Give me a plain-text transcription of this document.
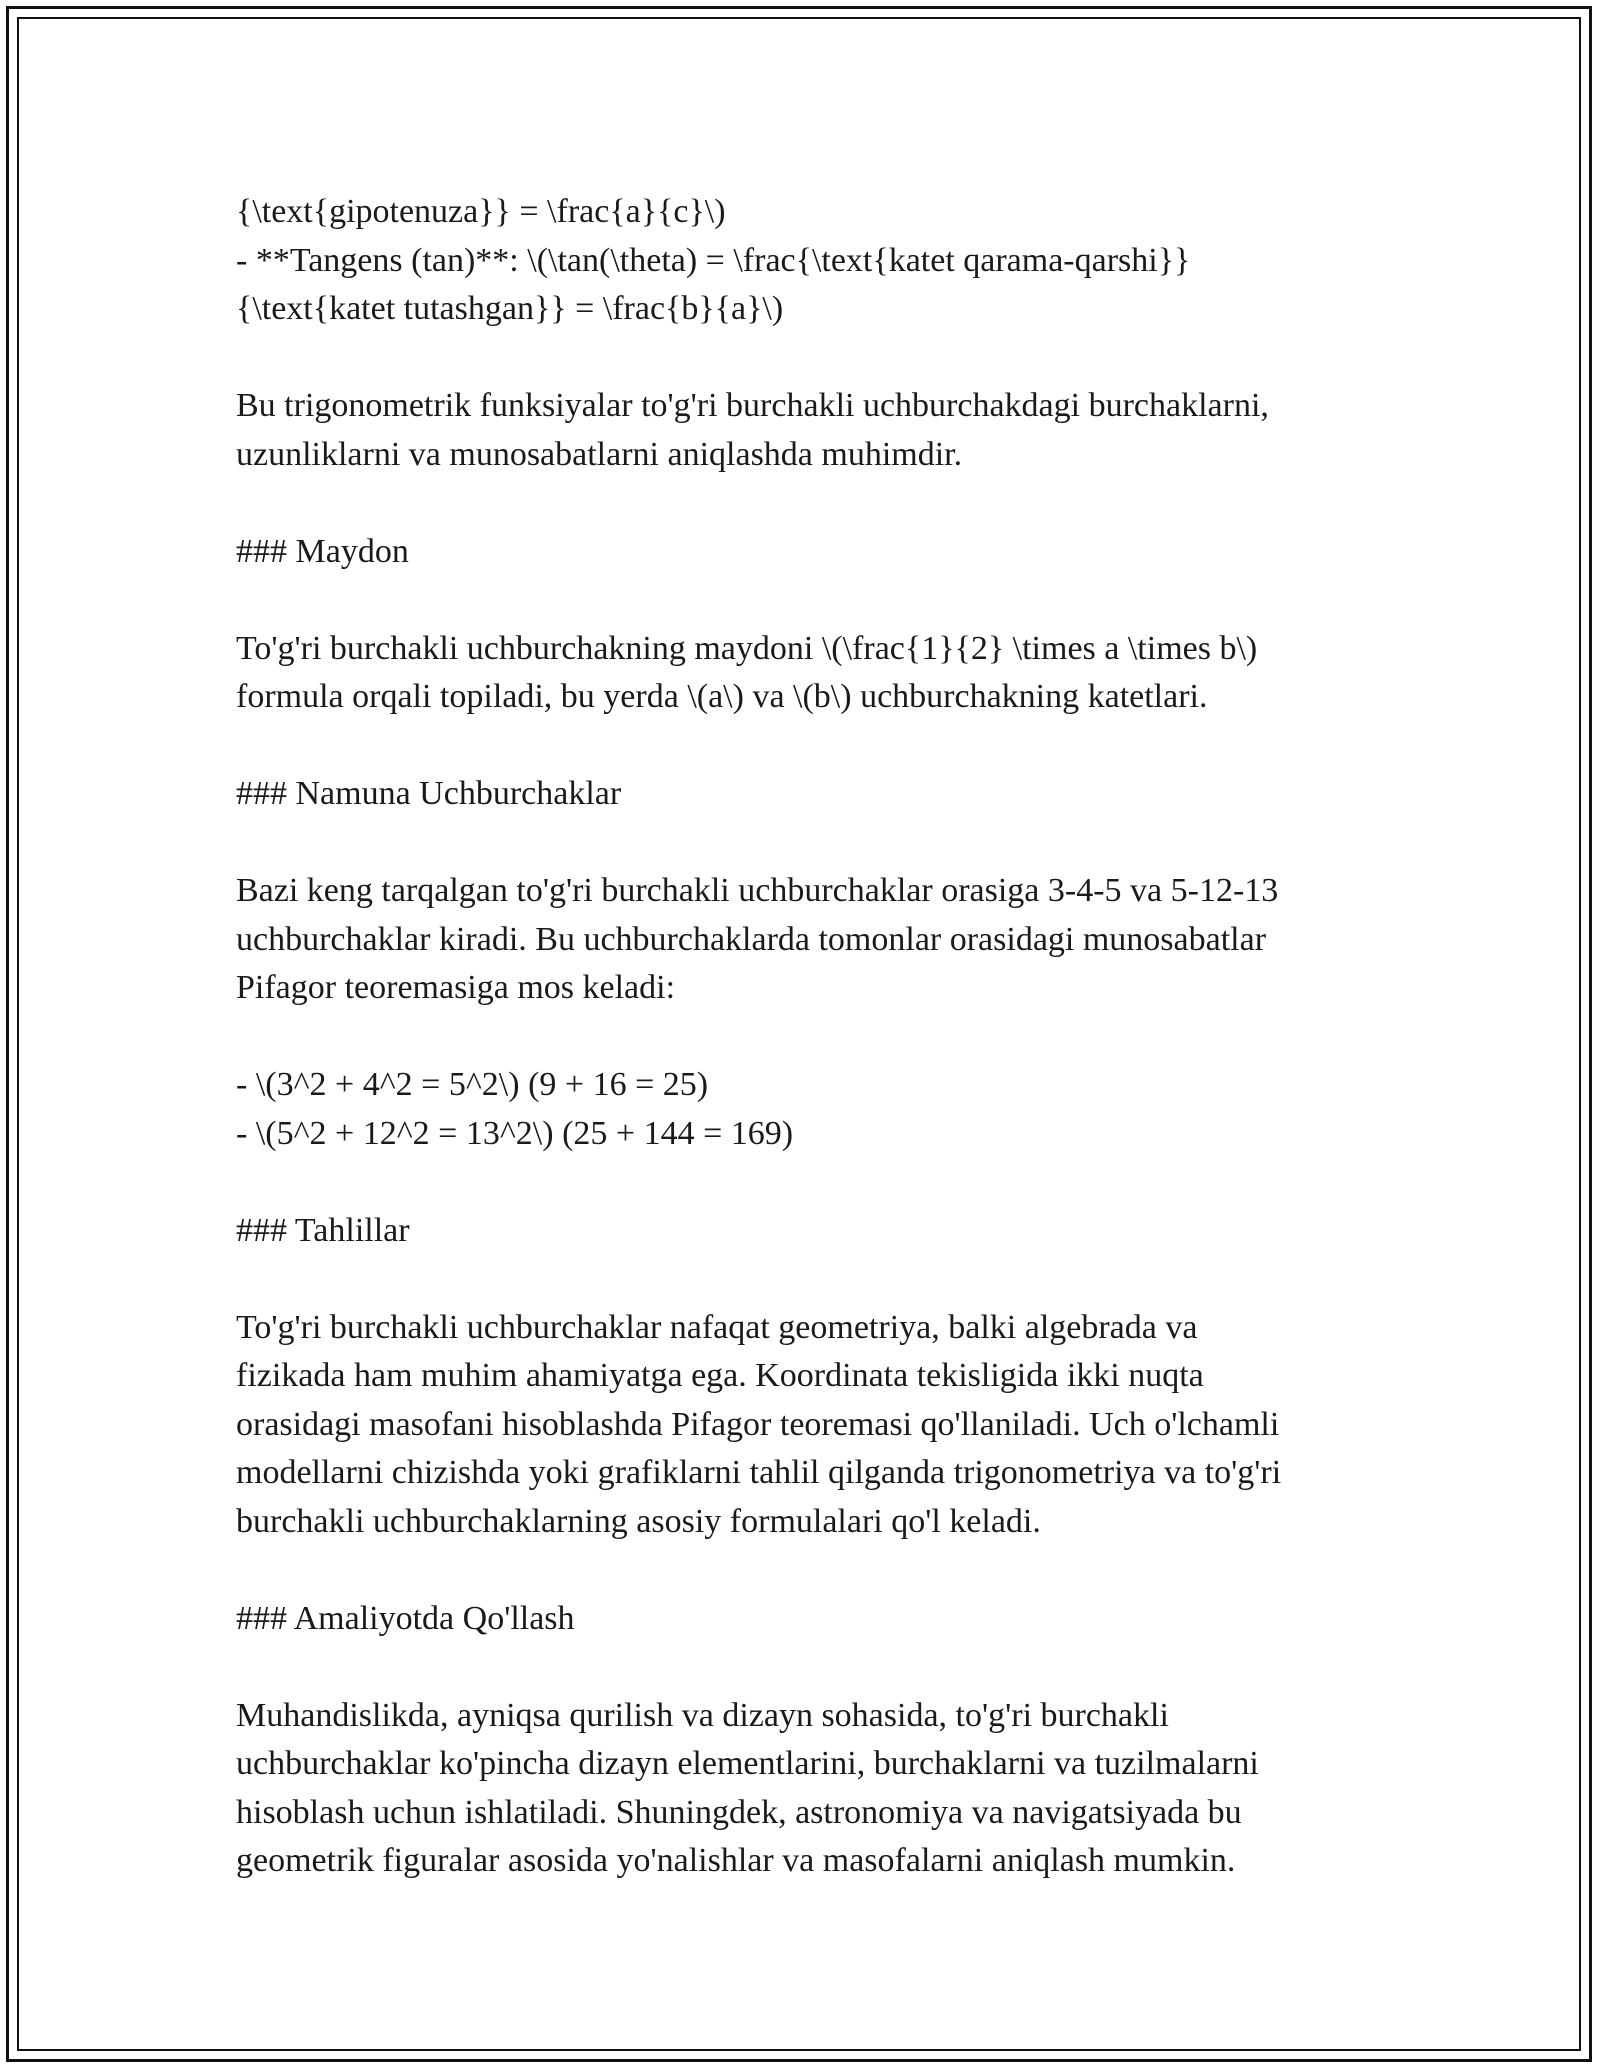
{\text{gipotenuza}} = \frac{a}{c}\)
- **Tangens (tan)**: \(\tan(\theta) = \frac{\text{katet qarama-qarshi}}
{\text{katet tutashgan}} = \frac{b}{a}\)
Bu trigonometrik funksiyalar to'g'ri burchakli uchburchakdagi burchaklarni,
uzunliklarni va munosabatlarni aniqlashda muhimdir.
### Maydon
To'g'ri burchakli uchburchakning maydoni \(\frac{1}{2} \times a \times b\)
formula orqali topiladi, bu yerda \(a\) va \(b\) uchburchakning katetlari.
### Namuna Uchburchaklar
Bazi keng tarqalgan to'g'ri burchakli uchburchaklar orasiga 3-4-5 va 5-12-13
uchburchaklar kiradi. Bu uchburchaklarda tomonlar orasidagi munosabatlar
Pifagor teoremasiga mos keladi:
- \(3^2 + 4^2 = 5^2\) (9 + 16 = 25)
- \(5^2 + 12^2 = 13^2\) (25 + 144 = 169)
### Tahlillar
To'g'ri burchakli uchburchaklar nafaqat geometriya, balki algebrada va
fizikada ham muhim ahamiyatga ega. Koordinata tekisligida ikki nuqta
orasidagi masofani hisoblashda Pifagor teoremasi qo'llaniladi. Uch o'lchamli
modellarni chizishda yoki grafiklarni tahlil qilganda trigonometriya va to'g'ri
burchakli uchburchaklarning asosiy formulalari qo'l keladi.
### Amaliyotda Qo'llash
Muhandislikda, ayniqsa qurilish va dizayn sohasida, to'g'ri burchakli
uchburchaklar ko'pincha dizayn elementlarini, burchaklarni va tuzilmalarni
hisoblash uchun ishlatiladi. Shuningdek, astronomiya va navigatsiyada bu
geometrik figuralar asosida yo'nalishlar va masofalarni aniqlash mumkin.
